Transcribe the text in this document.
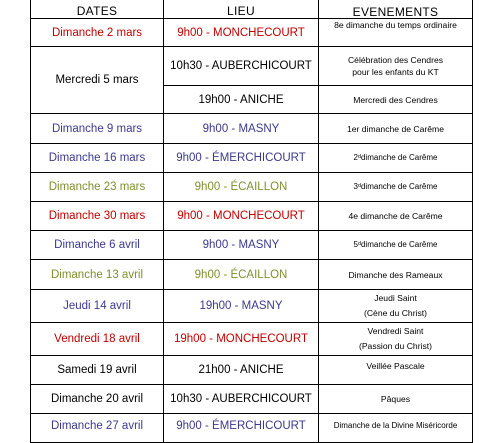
DATES	LIEU	EVENEMENTS
Dimanche 2 mars	9h00 - MONCHECOURT	8e dimanche du temps ordinaire

Mercredi 5 mars	10h30 - AUBERCHICOURT	Célébration des Cendres
pour les enfants du KT

	19h00 - ANICHE	Mercredi des Cendres

Dimanche 9 mars	9h00 - MASNY	1er dimanche de Carême

Dimanche 16 mars	9h00 - ÉMERCHICOURT	2ᵈdimanche de Carême

Dimanche 23 mars	9h00 - ÉCAILLON	3ᵈdimanche de Carême

Dimanche 30 mars	9h00 - MONCHECOURT	4e dimanche de Carême

Dimanche 6 avril	9h00 - MASNY	5ᵈdimanche de Carême

Dimanche 13 avril	9h00 - ÉCAILLON	Dimanche des Rameaux

Jeudi 14 avril	19h00 - MASNY	Jeudi Saint
(Cène du Christ)

Vendredi 18 avril	19h00 - MONCHECOURT	Vendredi Saint
(Passion du Christ)

Samedi 19 avril	21h00 - ANICHE	Veillée Pascale

Dimanche 20 avril	10h30 - AUBERCHICOURT	Pâques

Dimanche 27 avril	9h00 - ÉMERCHICOURT	Dimanche de la Divine Miséricorde
